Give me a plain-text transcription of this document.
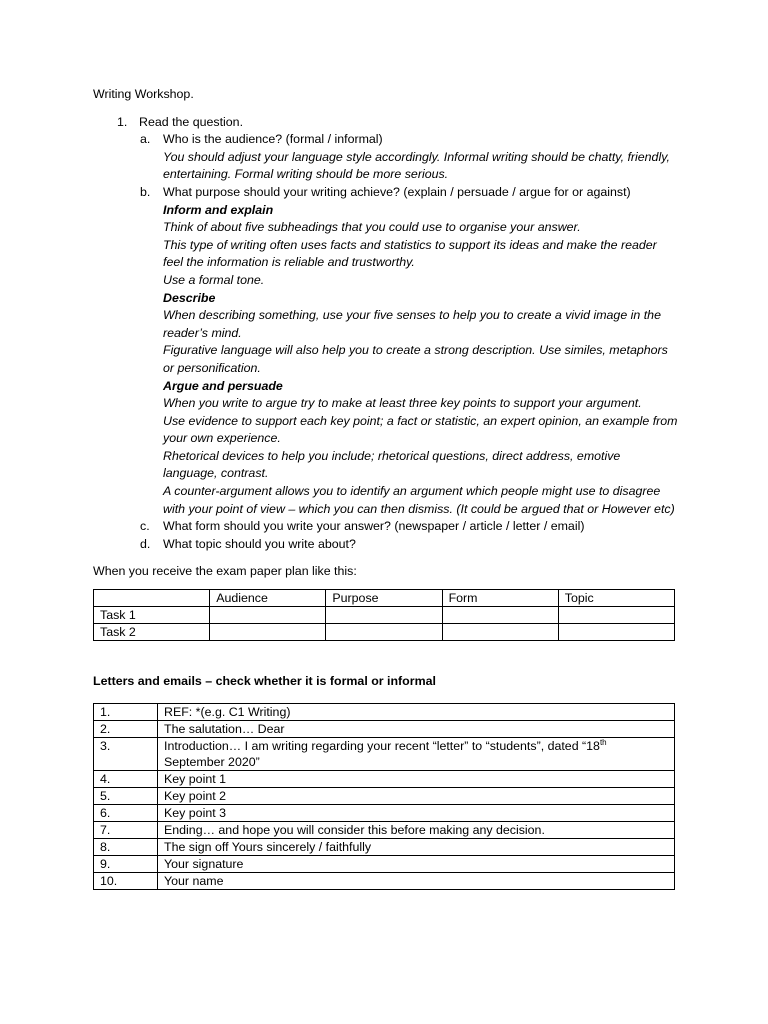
Writing Workshop.

1. Read the question.
a.	Who is the audience? (formal / informal)

You should adjust your language style accordingly. Informal writing should be chatty, friendly, entertaining. Formal writing should be more serious.

b.	What purpose should your writing achieve? (explain / persuade / argue for or against)

Inform and explain

Think of about five subheadings that you could use to organise your answer.

This type of writing often uses facts and statistics to support its ideas and make the reader feel the information is reliable and trustworthy.

Use a formal tone.

Describe

When describing something, use your five senses to help you to create a vivid image in the reader’s mind.

Figurative language will also help you to create a strong description. Use similes, metaphors or personification.

Argue and persuade

When you write to argue try to make at least three key points to support your argument.

Use evidence to support each key point; a fact or statistic, an expert opinion, an example from your own experience.

Rhetorical devices to help you include; rhetorical questions, direct address, emotive language, contrast.

A counter-argument allows you to identify an argument which people might use to disagree with your point of view – which you can then dismiss. (It could be argued that or However etc)

c.	What form should you write your answer? (newspaper / article / letter / email)

d.	What topic should you write about?

When you receive the exam paper plan like this:

	Audience	Purpose	Form	Topic
Task 1				
Task 2				

Letters and emails – check whether it is formal or informal

1.	REF: *(e.g. C1 Writing)
2.	The salutation… Dear
3.	Introduction… I am writing regarding your recent “letter” to “students”, dated “18th September 2020”
4.	Key point 1
5.	Key point 2
6.	Key point 3
7.	Ending… and hope you will consider this before making any decision.
8.	The sign off Yours sincerely / faithfully
9.	Your signature
10.	Your name
